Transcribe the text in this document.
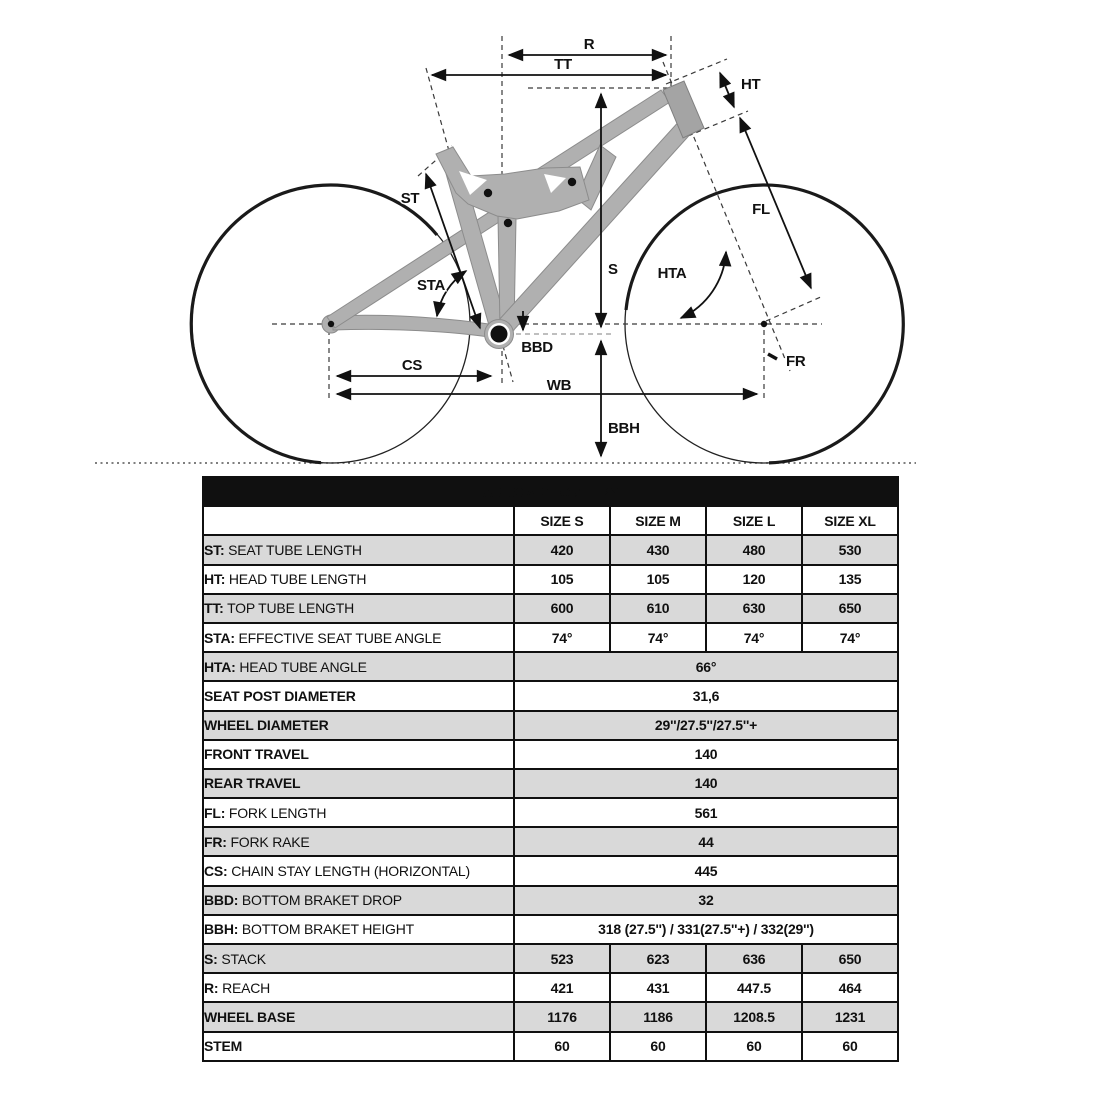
R
TT
HT
S
BBH
ST
STA
HTA
FL
BBD
CS
WB
FR
AM 50 S GEOMETRY				
	SIZE S	SIZE M	SIZE L	SIZE XL
ST: SEAT TUBE LENGTH	420	430	480	530
HT: HEAD TUBE LENGTH	105	105	120	135
TT: TOP TUBE LENGTH	600	610	630	650
STA: EFFECTIVE SEAT TUBE ANGLE	74°	74°	74°	74°
HTA: HEAD TUBE ANGLE	66°			
SEAT POST DIAMETER	31,6			
WHEEL DIAMETER	29''/27.5''/27.5''+			
FRONT TRAVEL	140			
REAR TRAVEL	140			
FL: FORK LENGTH	561			
FR: FORK RAKE	44			
CS: CHAIN STAY LENGTH (HORIZONTAL)	445			
BBD: BOTTOM BRAKET DROP	32			
BBH: BOTTOM BRAKET HEIGHT	318 (27.5'') / 331(27.5''+) / 332(29'')			
S: STACK	523	623	636	650
R: REACH	421	431	447.5	464
WHEEL BASE	1176	1186	1208.5	1231
STEM	60	60	60	60
